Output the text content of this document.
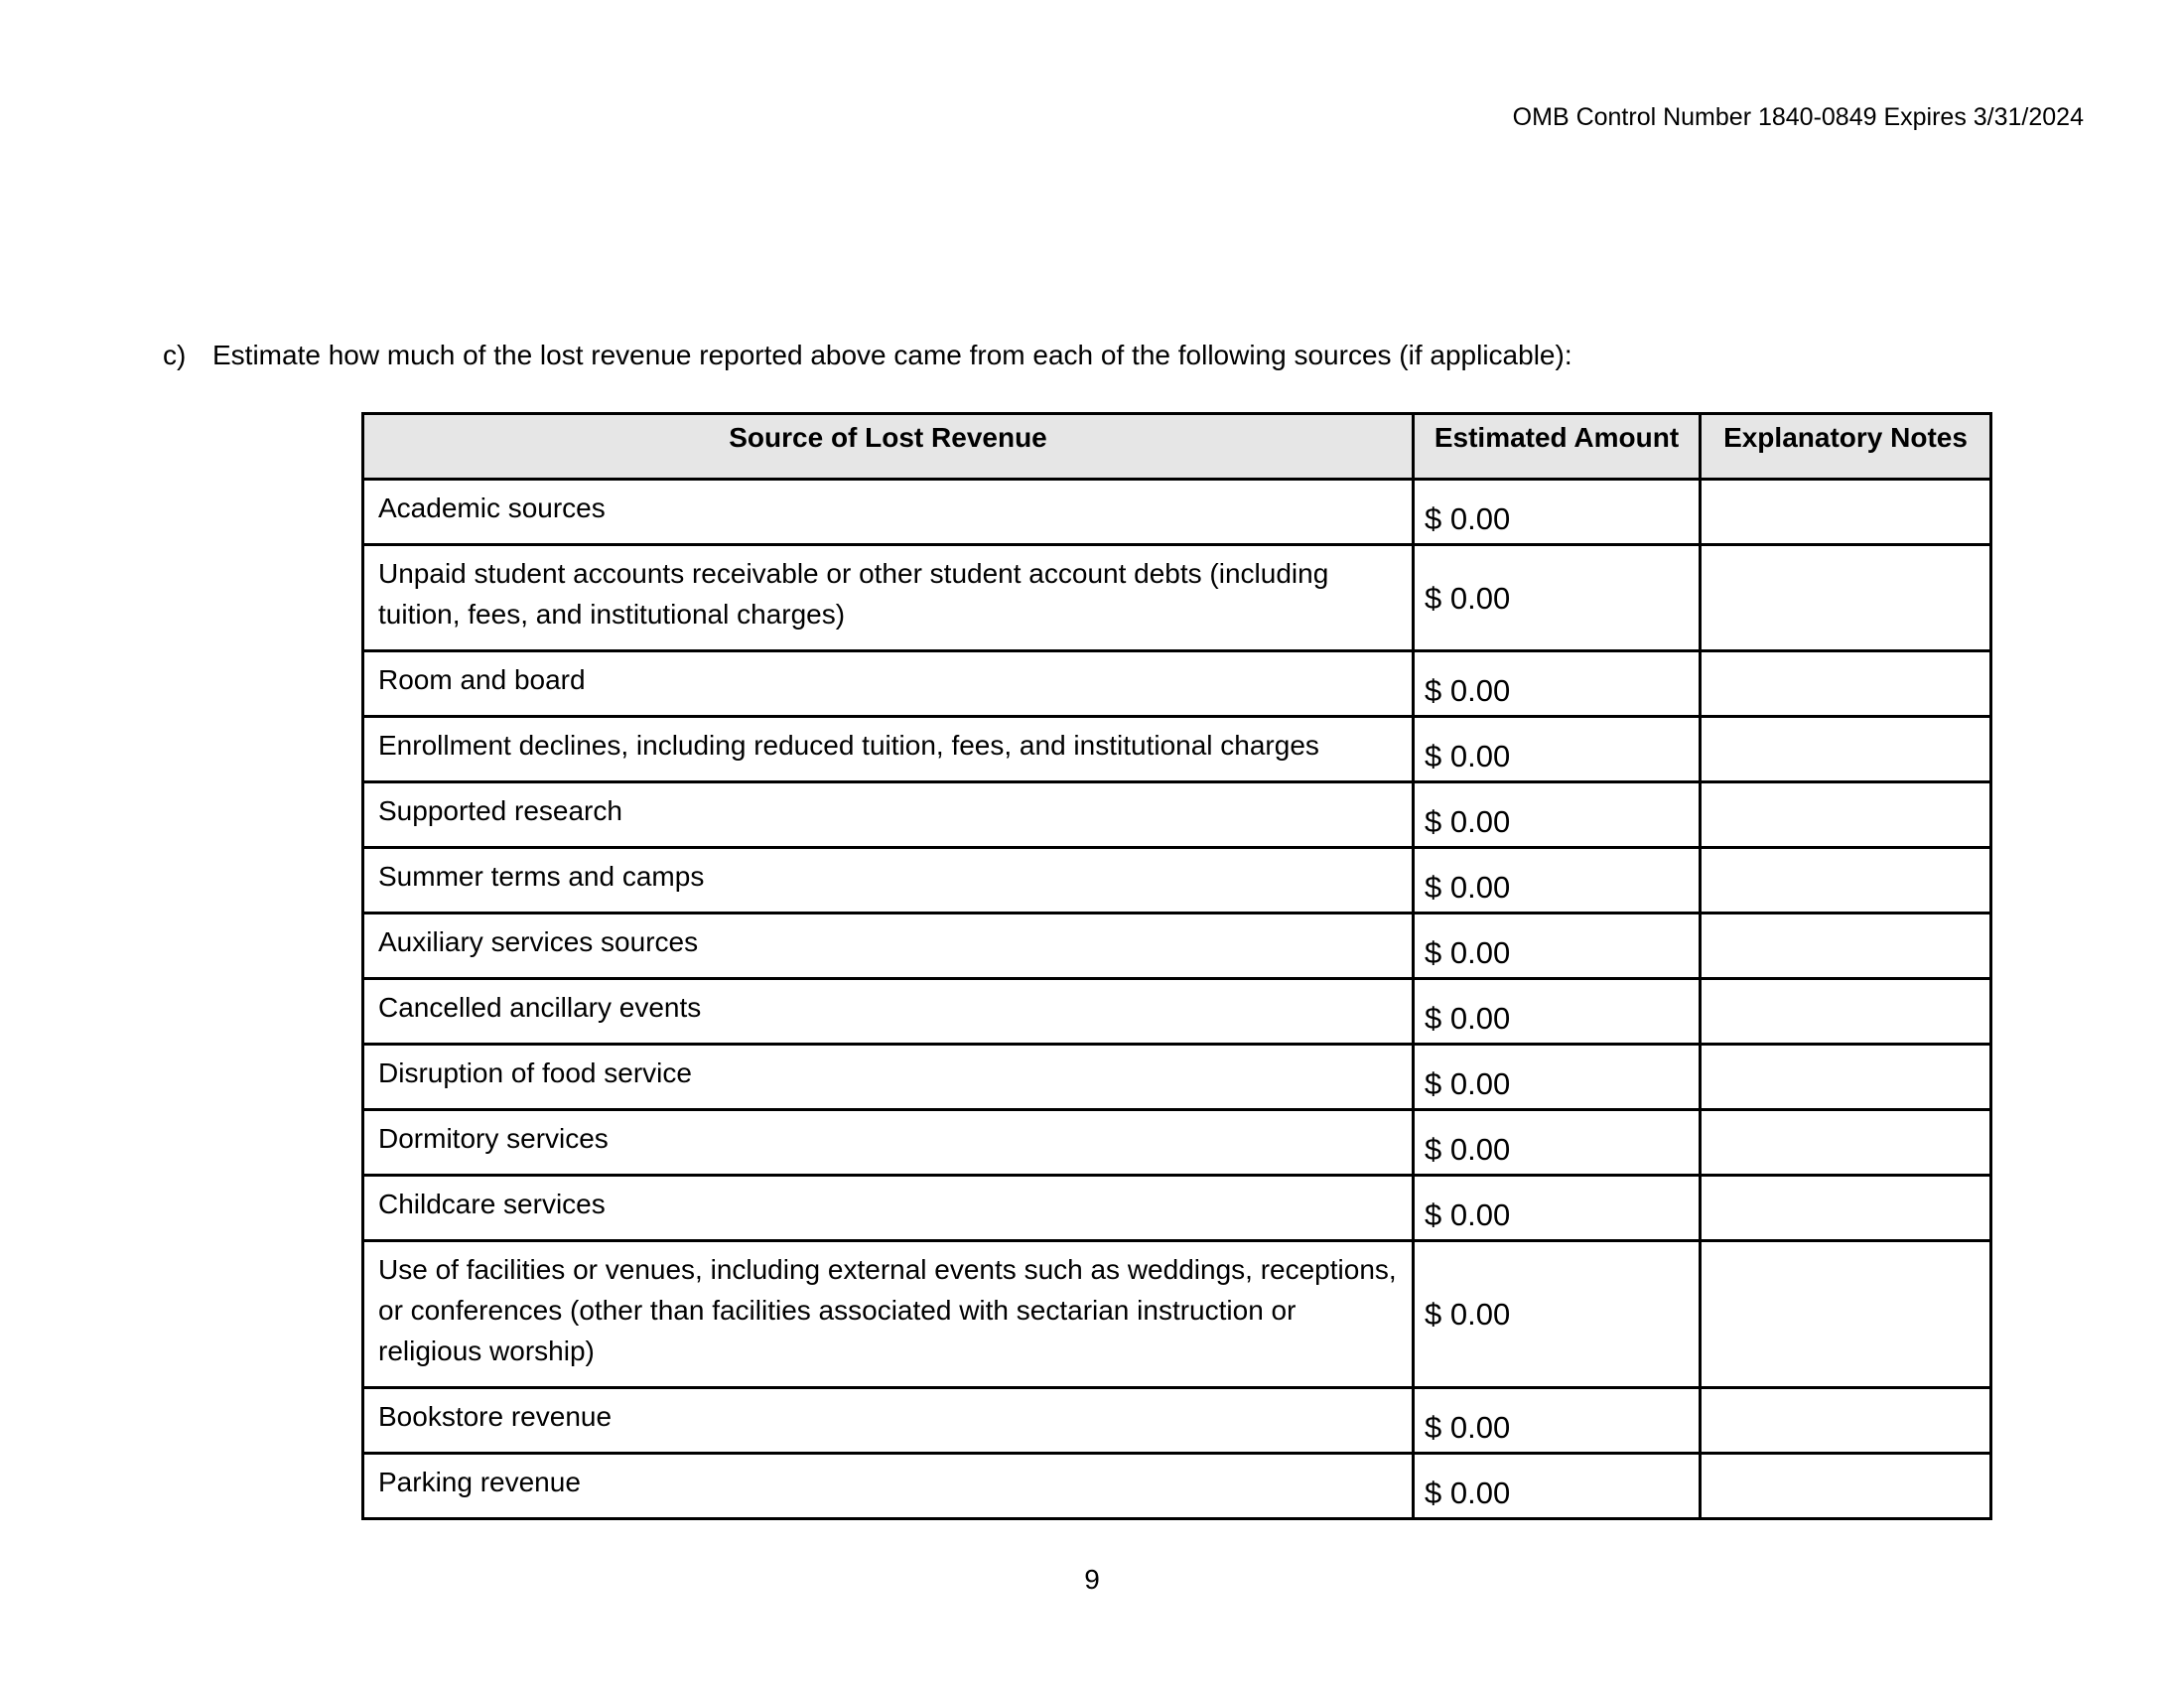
OMB Control Number 1840-0849 Expires 3/31/2024
c) Estimate how much of the lost revenue reported above came from each of the following sources (if applicable):
Source of Lost Revenue	Estimated Amount	Explanatory Notes
Academic sources	$ 0.00	
Unpaid student accounts receivable or other student account debts (including tuition, fees, and institutional charges)	$ 0.00	
Room and board	$ 0.00	
Enrollment declines, including reduced tuition, fees, and institutional charges	$ 0.00	
Supported research	$ 0.00	
Summer terms and camps	$ 0.00	
Auxiliary services sources	$ 0.00	
Cancelled ancillary events	$ 0.00	
Disruption of food service	$ 0.00	
Dormitory services	$ 0.00	
Childcare services	$ 0.00	
Use of facilities or venues, including external events such as weddings, receptions, or conferences (other than facilities associated with sectarian instruction or religious worship)	$ 0.00	
Bookstore revenue	$ 0.00	
Parking revenue	$ 0.00	
9
